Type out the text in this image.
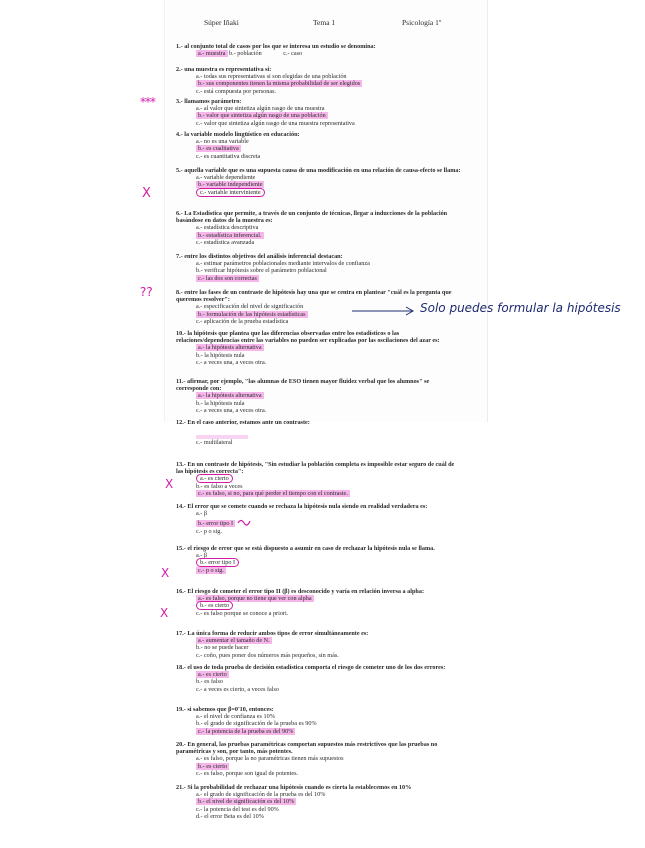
Súper Iñaki	Tema 1	Psicología 1º
1.- al conjunto total de casos por los que se interesa un estudio se denomina:
a.- muestra b.- población	c.- caso
2.- una muestra es representativa si:
a.- todas sus representativas si son elegidas de una población
b.- sus componentes tienen la misma probabilidad de ser elegidos
c.- está compuesta por personas.
***	3.- llamamos parámetro:
a.- al valor que sintetiza algún rasgo de una muestra
b.- valor que sintetiza algún rasgo de una población
c.- valor que sintetiza algún rasgo de una muestra representativa
4.- la variable modelo lingüístico en educación:
a.- no es una variable
b.- es cualitativa
c.- es cuantitativa discreta
X
5.- aquella variable que es una supuesta causa de una modificación en una relación de causa-efecto se llama:
a.- variable dependiente
b.- variable independiente
c.- variable interviniente
6.- La Estadística que permite, a través de un conjunto de técnicas, llegar a inducciones de la población basándose en datos de la muestra es:
a.- estadística descriptiva
b.- estadística inferencial.
c.- estadística avanzada
7.- entre los distintos objetivos del análisis inferencial destacan:
a.- estimar parámetros poblacionales mediante intervalos de confianza
b.- verificar hipótesis sobre el parámetro poblacional
c.- las dos son correctas
??	8.- entre las fases de un contraste de hipótesis hay una que se centra en plantear "cuál es la pregunta que queremos resolver":
a.- especificación del nivel de significación
b.- formulación de las hipótesis estadísticas
c.- aplicación de la prueba estadística
Solo puedes formular la hipótesis
10.- la hipótesis que plantea que las diferencias observadas entre los estadísticos o las relaciones/dependencias entre las variables no pueden ser explicadas por las oscilaciones del azar es:
a.- la hipótesis alternativa
b.- la hipótesis nula
c.- a veces una, a veces otra.
11.- afirmar, por ejemplo, "las alumnas de ESO tienen mayor fluidez verbal que los alumnos" se corresponde con:
a.- la hipótesis alternativa
b.- la hipótesis nula
c.- a veces una, a veces otra.
12.- En el caso anterior, estamos ante un contraste:
c.- multilateral
X
13.- En un contraste de hipótesis, "Sin estudiar la población completa es imposible estar seguro de cuál de las hipótesis es correcta":
a.- es cierto
b.- es falso a veces
c.- es falso, si no, para qué perder el tiempo con el contraste.
14.- El error que se comete cuando se rechaza la hipótesis nula siendo en realidad verdadera es:
a.- β
b.- error tipo I
c.- p o sig.
X
15.- el riesgo de error que se está dispuesto a asumir en caso de rechazar la hipótesis nula se llama.
a.- β
b.- error tipo I
c.- p o sig.
X
16.- El riesgo de cometer el error tipo II (β) es desconocido y varía en relación inversa a alpha:
a.- es falso, porque no tiene que ver con alpha
b.- es cierto
c.- es falso porque se conoce a priori.
17.- La única forma de reducir ambos tipos de error simultáneamente es:
a.- aumentar el tamaño de N.
b.- no se puede hacer
c.- coño, pues poner dos números más pequeños, sin más.
18.- el uso de toda prueba de decisión estadística comporta el riesgo de cometer uno de los dos errores:
a.- es cierto
b.- es falso
c.- a veces es cierto, a veces falso
19.- si sabemos que β=0'10, entonces:
a.- el nivel de confianza es 10%
b.- el grado de significación de la prueba es 90%
c.- la potencia de la prueba es del 90%
20.- En general, las pruebas paramétricas comportan supuestos más restrictivos que las pruebas no paramétricas y son, por tanto, más potentes.
a.- es falso, porque la no paramétricas tienen más supuestos
b.- es cierto
c.- es falso, porque son igual de potentes.
21.- Si la probabilidad de rechazar una hipótesis cuando es cierta la establecemos en 10%
a.- el grado de significación de la prueba es del 10%
b.- el nivel de significación es del 10%
c.- la potencia del test es del 90%
d.- el error Beta es del 10%
